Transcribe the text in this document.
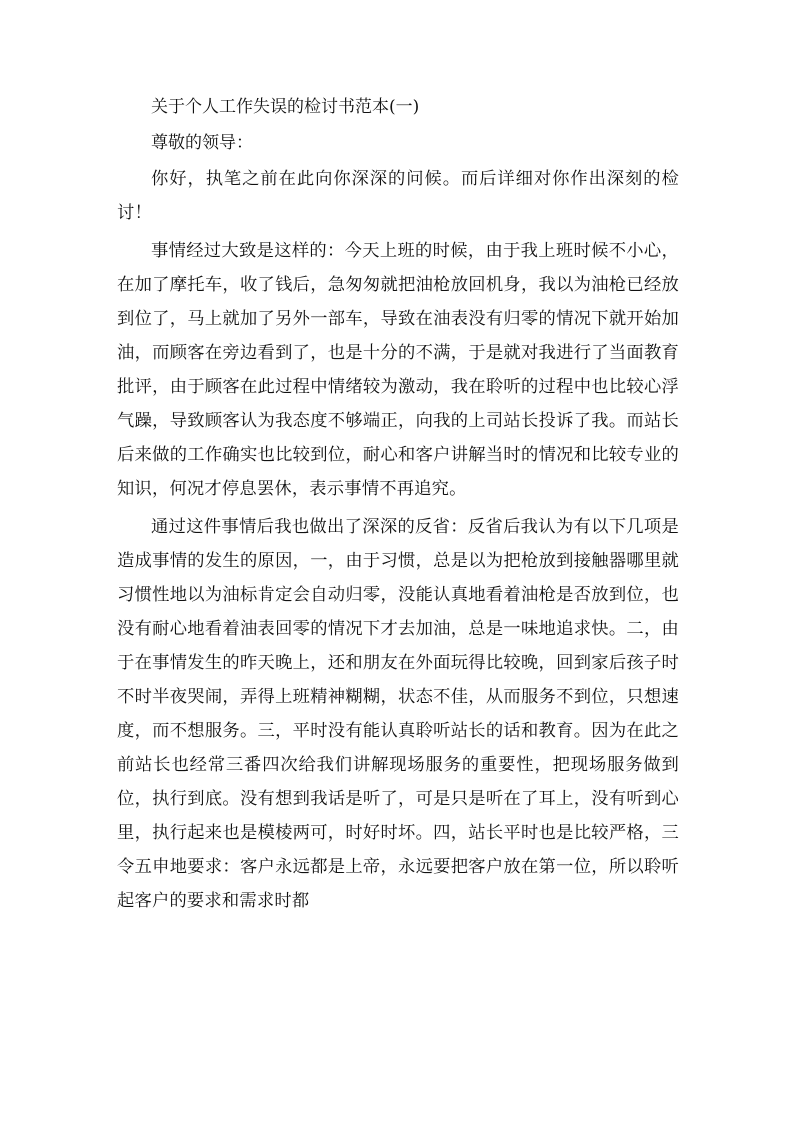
关于个人工作失误的检讨书范本(一)

尊敬的领导：

你好，执笔之前在此向你深深的问候。而后详细对你作出深刻的检讨！

事情经过大致是这样的：今天上班的时候，由于我上班时候不小心，在加了摩托车，收了钱后，急匆匆就把油枪放回机身，我以为油枪已经放到位了，马上就加了另外一部车，导致在油表没有归零的情况下就开始加油，而顾客在旁边看到了，也是十分的不满，于是就对我进行了当面教育批评，由于顾客在此过程中情绪较为激动，我在聆听的过程中也比较心浮气躁，导致顾客认为我态度不够端正，向我的上司站长投诉了我。而站长后来做的工作确实也比较到位，耐心和客户讲解当时的情况和比较专业的知识，何况才停息罢休，表示事情不再追究。

通过这件事情后我也做出了深深的反省：反省后我认为有以下几项是造成事情的发生的原因，一，由于习惯，总是以为把枪放到接触器哪里就习惯性地以为油标肯定会自动归零，没能认真地看着油枪是否放到位，也没有耐心地看着油表回零的情况下才去加油，总是一味地追求快。二，由于在事情发生的昨天晚上，还和朋友在外面玩得比较晚，回到家后孩子时不时半夜哭闹，弄得上班精神糊糊，状态不佳，从而服务不到位，只想速度，而不想服务。三，平时没有能认真聆听站长的话和教育。因为在此之前站长也经常三番四次给我们讲解现场服务的重要性，把现场服务做到位，执行到底。没有想到我话是听了，可是只是听在了耳上，没有听到心里，执行起来也是模棱两可，时好时坏。四，站长平时也是比较严格，三令五申地要求：客户永远都是上帝，永远要把客户放在第一位，所以聆听起客户的要求和需求时都
